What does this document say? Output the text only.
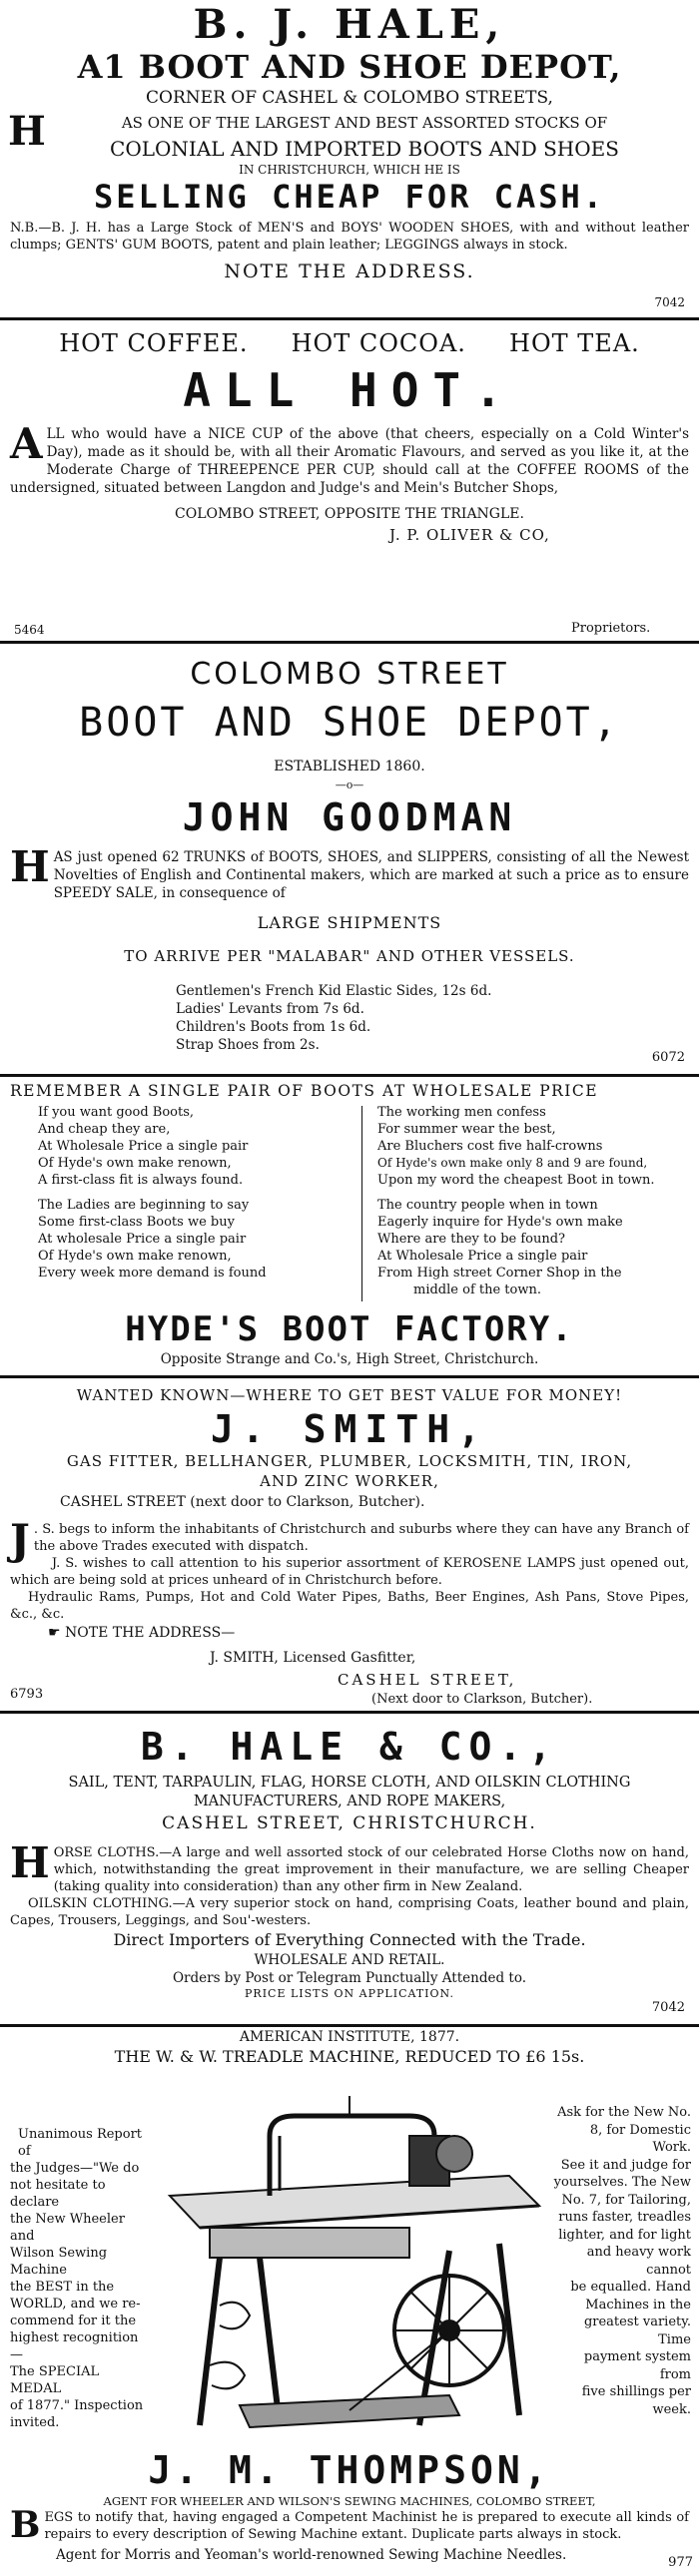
B. J. HALE,
A1 BOOT AND SHOE DEPOT,
CORNER OF CASHEL & COLOMBO STREETS,
H	AS ONE OF THE LARGEST AND BEST ASSORTED STOCKS OF
COLONIAL AND IMPORTED BOOTS AND SHOES
IN CHRISTCHURCH, WHICH HE IS
SELLING CHEAP FOR CASH.
N.B.—B. J. H. has a Large Stock of MEN'S and BOYS' WOODEN SHOES, with and without leather clumps; GENTS' GUM BOOTS, patent and plain leather; LEGGINGS always in stock.
NOTE THE ADDRESS.
7042
HOT COFFEE.     HOT COCOA.     HOT TEA.
ALL HOT.
A LL who would have a NICE CUP of the above (that cheers, especially on a Cold Winter's Day), made as it should be, with all their Aromatic Flavours, and served as you like it, at the Moderate Charge of THREEPENCE PER CUP, should call at the COFFEE ROOMS of the undersigned, situated between Langdon and Judge's and Mein's Butcher Shops,
COLOMBO STREET, OPPOSITE THE TRIANGLE.
J. P. OLIVER & CO,
5464	Proprietors.
COLOMBO STREET
BOOT AND SHOE DEPOT,
ESTABLISHED 1860.
—o—
JOHN GOODMAN
H AS just opened 62 TRUNKS of BOOTS, SHOES, and SLIPPERS, consisting of all the Newest Novelties of English and Continental makers, which are marked at such a price as to ensure SPEEDY SALE, in consequence of
LARGE SHIPMENTS
TO ARRIVE PER "MALABAR" AND OTHER VESSELS.
Gentlemen's French Kid Elastic Sides, 12s 6d.
Ladies' Levants from 7s 6d.
Children's Boots from 1s 6d.
Strap Shoes from 2s.
6072
REMEMBER A SINGLE PAIR OF BOOTS AT WHOLESALE PRICE
If you want good Boots,
And cheap they are,
At Wholesale Price a single pair
Of Hyde's own make renown,
A first-class fit is always found.
The Ladies are beginning to say
Some first-class Boots we buy
At wholesale Price a single pair
Of Hyde's own make renown,
Every week more demand is found
The working men confess
For summer wear the best,
Are Bluchers cost five half-crowns
Of Hyde's own make only 8 and 9 are found,
Upon my word the cheapest Boot in town.
The country people when in town
Eagerly inquire for Hyde's own make
Where are they to be found?
At Wholesale Price a single pair
From High street Corner Shop in the
middle of the town.
HYDE'S BOOT FACTORY.
Opposite Strange and Co.'s, High Street, Christchurch.
WANTED KNOWN—WHERE TO GET BEST VALUE FOR MONEY!
J. SMITH,
GAS FITTER, BELLHANGER, PLUMBER, LOCKSMITH, TIN, IRON,
AND ZINC WORKER,
CASHEL STREET (next door to Clarkson, Butcher).
J . S. begs to inform the inhabitants of Christchurch and suburbs where they can have any Branch of the above Trades executed with dispatch.
J. S. wishes to call attention to his superior assortment of KEROSENE LAMPS just opened out, which are being sold at prices unheard of in Christchurch before.
Hydraulic Rams, Pumps, Hot and Cold Water Pipes, Baths, Beer Engines, Ash Pans, Stove Pipes, &c., &c.
☛ NOTE THE ADDRESS—
J. SMITH, Licensed Gasfitter,
CASHEL STREET,
(Next door to Clarkson, Butcher).
6793
B. HALE & CO.,
SAIL, TENT, TARPAULIN, FLAG, HORSE CLOTH, AND OILSKIN CLOTHING
MANUFACTURERS, AND ROPE MAKERS,
CASHEL STREET, CHRISTCHURCH.
H ORSE CLOTHS.—A large and well assorted stock of our celebrated Horse Cloths now on hand, which, notwithstanding the great improvement in their manufacture, we are selling Cheaper (taking quality into consideration) than any other firm in New Zealand.
OILSKIN CLOTHING.—A very superior stock on hand, comprising Coats, leather bound and plain, Capes, Trousers, Leggings, and Sou'-westers.
Direct Importers of Everything Connected with the Trade.
WHOLESALE AND RETAIL.
Orders by Post or Telegram Punctually Attended to.
PRICE LISTS ON APPLICATION.
7042
AMERICAN INSTITUTE, 1877.
THE W. & W. TREADLE MACHINE, REDUCED TO £6 15s.
Unanimous Report of
the Judges—"We do
not hesitate to declare
the New Wheeler and
Wilson Sewing Machine
the BEST in the
WORLD, and we re-
commend for it the
highest recognition—
The SPECIAL MEDAL
of 1877." Inspection
invited.
Ask for the New No.
8, for Domestic Work.
See it and judge for
yourselves. The New
No. 7, for Tailoring,
runs faster, treadles
lighter, and for light
and heavy work cannot
be equalled. Hand
Machines in the
greatest variety. Time
payment system from
five shillings per week.
J. M. THOMPSON,
AGENT FOR WHEELER AND WILSON'S SEWING MACHINES, COLOMBO STREET,
B EGS to notify that, having engaged a Competent Machinist he is prepared to execute all kinds of repairs to every description of Sewing Machine extant. Duplicate parts always in stock.
Agent for Morris and Yeoman's world-renowned Sewing Machine Needles.	977
